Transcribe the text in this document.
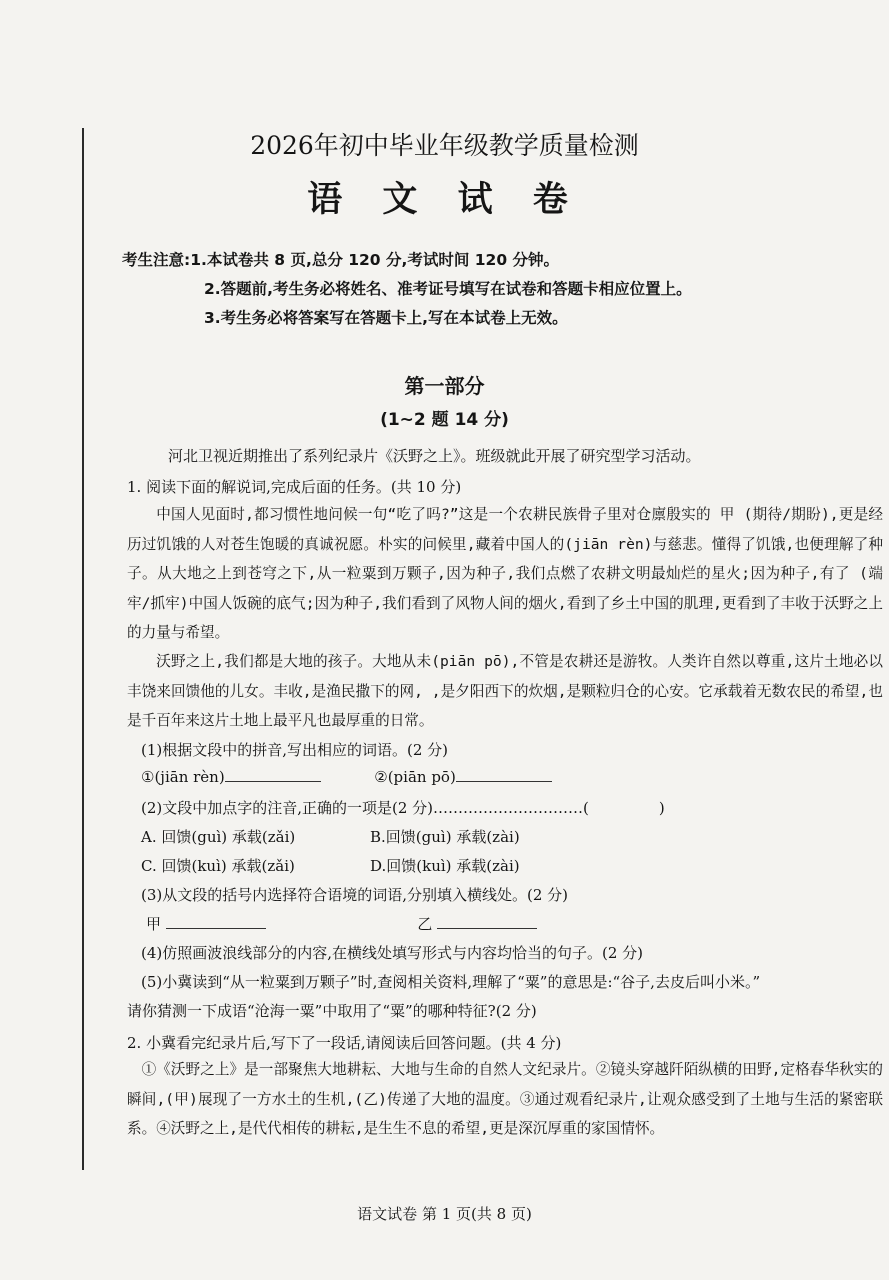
2026年初中毕业年级教学质量检测
语 文 试 卷
考生注意:1.本试卷共 8 页,总分 120 分,考试时间 120 分钟。
2.答题前,考生务必将姓名、准考证号填写在试卷和答题卡相应位置上。
3.考生务必将答案写在答题卡上,写在本试卷上无效。
第一部分
(1~2 题 14 分)
河北卫视近期推出了系列纪录片《沃野之上》。班级就此开展了研究型学习活动。
1. 阅读下面的解说词,完成后面的任务。(共 10 分)
中国人见面时,都习惯性地问候一句“吃了吗?”这是一个农耕民族骨子里对仓廪殷实的 甲 (期待/期盼),更是经历过饥饿的人对苍生饱暖的真诚祝愿。朴实的问候里,藏着中国人的(jiān rèn)与慈悲。懂得了饥饿,也便理解了种子。从大地之上到苍穹之下,从一粒粟到万颗子,因为种子,我们点燃了农耕文明最灿烂的星火;因为种子,有了 (端牢/抓牢)中国人饭碗的底气;因为种子,我们看到了风物人间的烟火,看到了乡土中国的肌理,更看到了丰收于沃野之上的力量与希望。
沃野之上,我们都是大地的孩子。大地从未(piān pō),不管是农耕还是游牧。人类许自然以尊重,这片土地必以丰饶来回馈他的儿女。丰收,是渔民撒下的网, ,是夕阳西下的炊烟,是颗粒归仓的心安。它承载着无数农民的希望,也是千百年来这片土地上最平凡也最厚重的日常。
(1)根据文段中的拼音,写出相应的词语。(2 分)
①(jiān rèn)	②(piān pō)
(2)文段中加点字的注音,正确的一项是(2 分)…………………………(	)
A. 回馈(guì) 承载(zǎi)	B.回馈(guì) 承载(zài)
C. 回馈(kuì) 承载(zǎi)	D.回馈(kuì) 承载(zài)
(3)从文段的括号内选择符合语境的词语,分别填入横线处。(2 分)
甲	乙
(4)仿照画波浪线部分的内容,在横线处填写形式与内容均恰当的句子。(2 分)
(5)小冀读到“从一粒粟到万颗子”时,查阅相关资料,理解了“粟”的意思是:“谷子,去皮后叫小米。”
请你猜测一下成语“沧海一粟”中取用了“粟”的哪种特征?(2 分)
2. 小冀看完纪录片后,写下了一段话,请阅读后回答问题。(共 4 分)
①《沃野之上》是一部聚焦大地耕耘、大地与生命的自然人文纪录片。②镜头穿越阡陌纵横的田野,定格春华秋实的瞬间,(甲)展现了一方水土的生机,(乙)传递了大地的温度。③通过观看纪录片,让观众感受到了土地与生活的紧密联系。④沃野之上,是代代相传的耕耘,是生生不息的希望,更是深沉厚重的家国情怀。
语文试卷 第 1 页(共 8 页)
